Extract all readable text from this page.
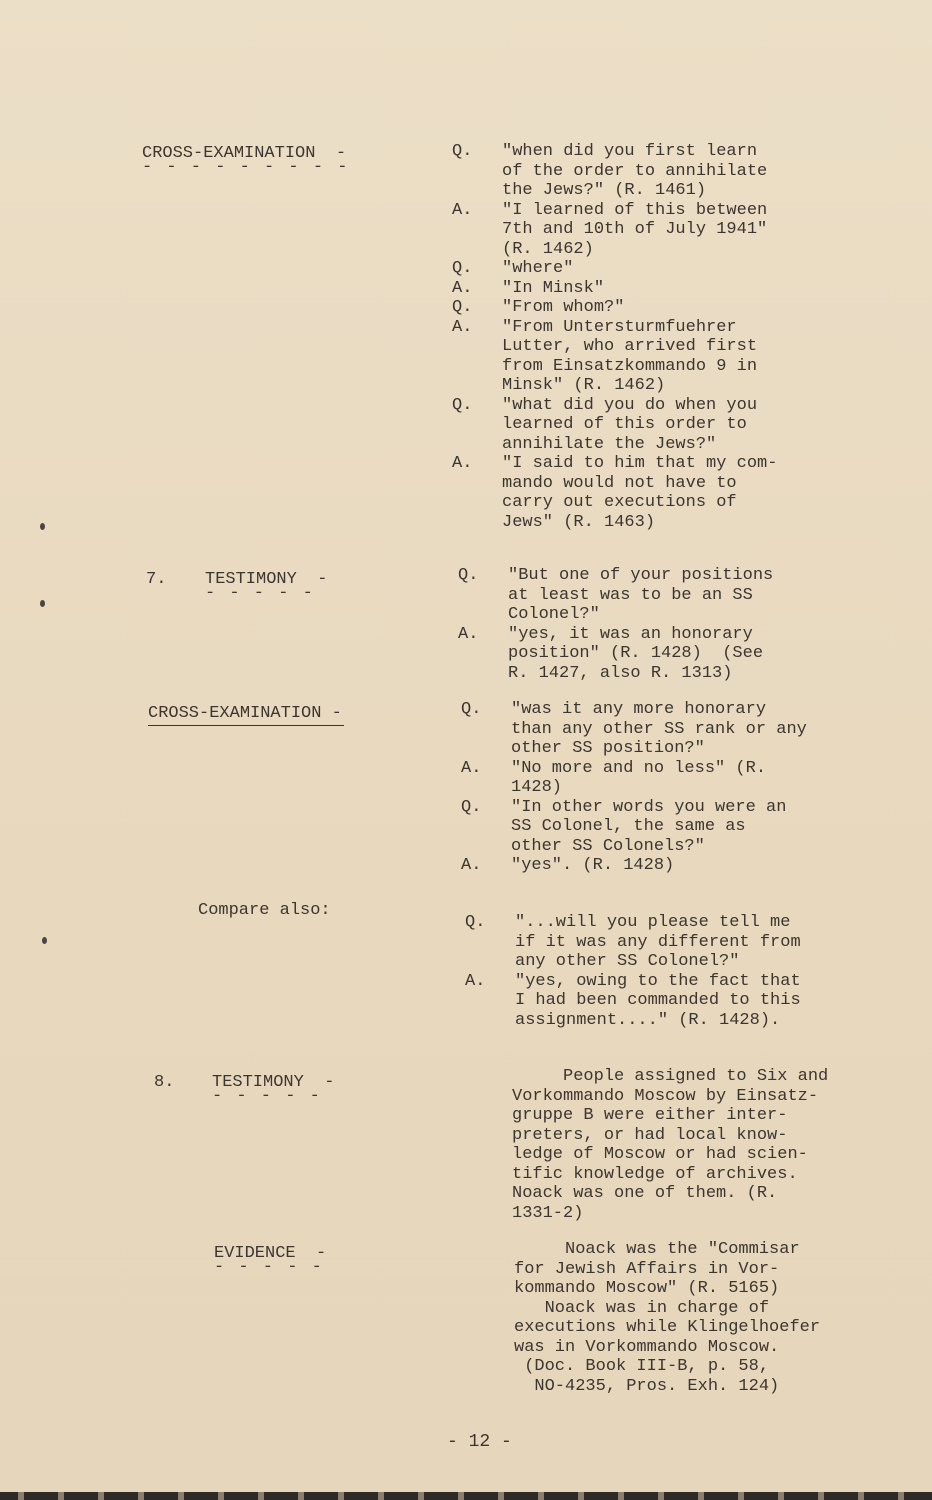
CROSS-EXAMINATION  -
- - - - - - - - -
Q.	"when did you first learn
of the order to annihilate
the Jews?" (R. 1461)
A.	"I learned of this between
7th and 10th of July 1941"
(R. 1462)
Q.	"where"
A.	"In Minsk"
Q.	"From whom?"
A.	"From Untersturmfuehrer
Lutter, who arrived first
from Einsatzkommando 9 in
Minsk" (R. 1462)
Q.	"what did you do when you
learned of this order to
annihilate the Jews?"
A.	"I said to him that my com-
mando would not have to
carry out executions of
Jews" (R. 1463)
7. TESTIMONY  -
- - - - -
Q.	"But one of your positions
at least was to be an SS
Colonel?"
A.	"yes, it was an honorary
position" (R. 1428)  (See
R. 1427, also R. 1313)
CROSS-EXAMINATION -	Q.	"was it any more honorary
than any other SS rank or any
other SS position?"
A.	"No more and no less" (R.
1428)
Q.	"In other words you were an
SS Colonel, the same as
other SS Colonels?"
A.	"yes". (R. 1428)
Compare also:
Q.	"...will you please tell me
if it was any different from
any other SS Colonel?"
A.	"yes, owing to the fact that
I had been commanded to this
assignment...." (R. 1428).
8. TESTIMONY  -
- - - - -
People assigned to Six and
Vorkommando Moscow by Einsatz-
gruppe B were either inter-
preters, or had local know-
ledge of Moscow or had scien-
tific knowledge of archives.
Noack was one of them. (R.
1331-2)
EVIDENCE  -
- - - - -
Noack was the "Commisar
for Jewish Affairs in Vor-
kommando Moscow" (R. 5165)
Noack was in charge of
executions while Klingelhoefer
was in Vorkommando Moscow.
(Doc. Book III-B, p. 58,
NO-4235, Pros. Exh. 124)
- 12 -
